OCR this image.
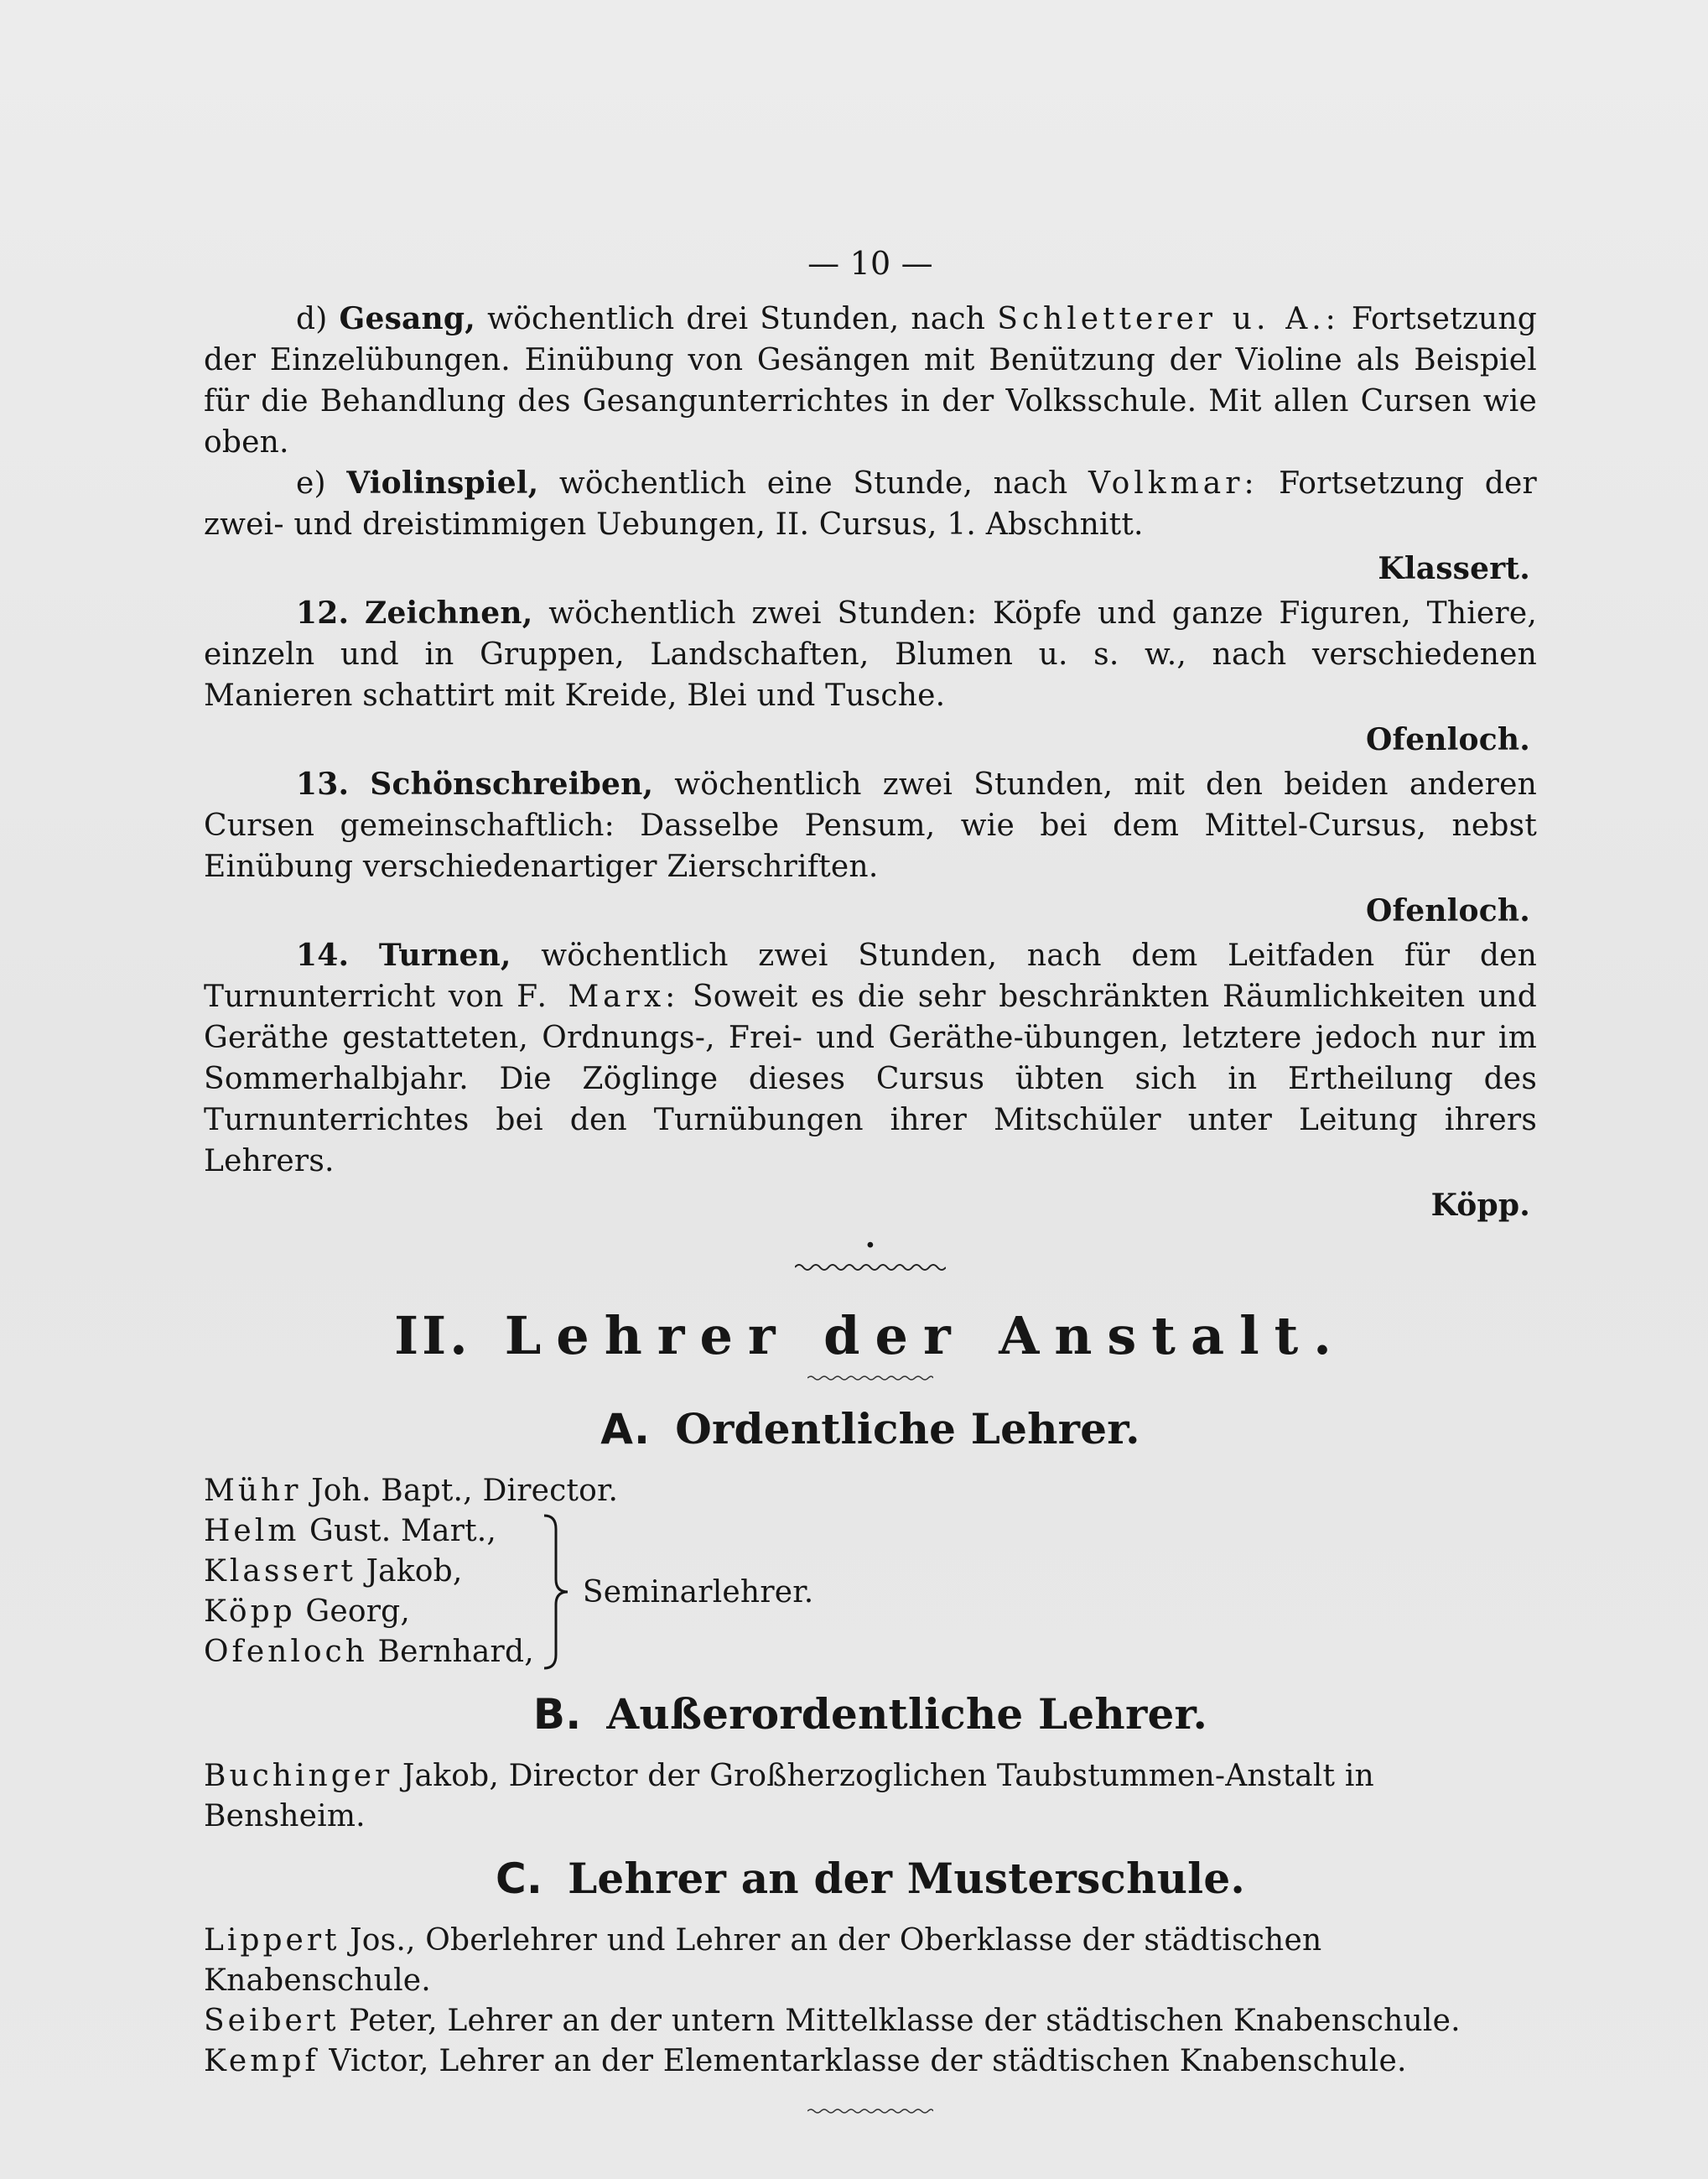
— 10 —

d) Gesang, wöchentlich drei Stunden, nach Schletterer u. A.: Fortsetzung der Einzelübungen. Einübung von Gesängen mit Benützung der Violine als Beispiel für die Behandlung des Gesangunterrichtes in der Volksschule. Mit allen Cursen wie oben.

e) Violinspiel, wöchentlich eine Stunde, nach Volkmar: Fortsetzung der zwei- und dreistimmigen Uebungen, II. Cursus, 1. Abschnitt.

Klassert.

12. Zeichnen, wöchentlich zwei Stunden: Köpfe und ganze Figuren, Thiere, einzeln und in Gruppen, Landschaften, Blumen u. s. w., nach verschiedenen Manieren schattirt mit Kreide, Blei und Tusche.

Ofenloch.

13. Schönschreiben, wöchentlich zwei Stunden, mit den beiden anderen Cursen gemeinschaftlich: Dasselbe Pensum, wie bei dem Mittel-Cursus, nebst Einübung verschiedenartiger Zierschriften.

Ofenloch.

14. Turnen, wöchentlich zwei Stunden, nach dem Leitfaden für den Turnunterricht von F. Marx: Soweit es die sehr beschränkten Räumlichkeiten und Geräthe gestatteten, Ordnungs-, Frei- und Geräthe-übungen, letztere jedoch nur im Sommerhalbjahr. Die Zöglinge dieses Cursus übten sich in Ertheilung des Turnunterrichtes bei den Turnübungen ihrer Mitschüler unter Leitung ihrers Lehrers.

Köpp.
·
II. Lehrer der Anstalt.
A. Ordentliche Lehrer.
Mühr Joh. Bapt., Director.
Helm Gust. Mart.,
Klassert Jakob,
Köpp Georg,
Ofenloch Bernhard,
Seminarlehrer.
B. Außerordentliche Lehrer.
Buchinger Jakob, Director der Großherzoglichen Taubstummen-Anstalt in Bensheim.
C. Lehrer an der Musterschule.
Lippert Jos., Oberlehrer und Lehrer an der Oberklasse der städtischen Knabenschule.
Seibert Peter, Lehrer an der untern Mittelklasse der städtischen Knabenschule.
Kempf Victor, Lehrer an der Elementarklasse der städtischen Knabenschule.
